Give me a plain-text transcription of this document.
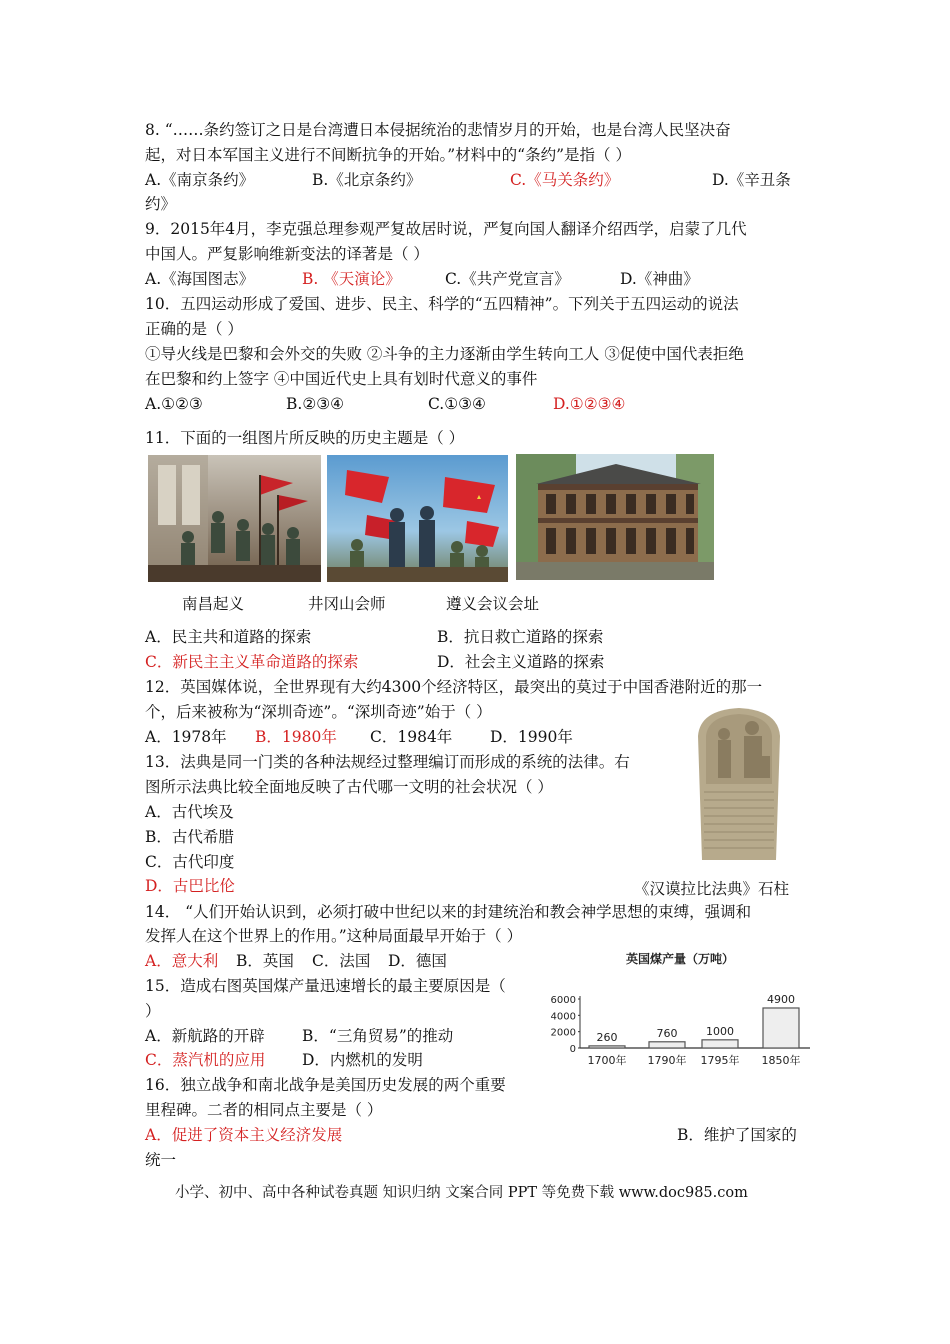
8. “……条约签订之日是台湾遭日本侵据统治的悲情岁月的开始，也是台湾人民坚决奋
起，对日本军国主义进行不间断抗争的开始。”材料中的“条约”是指（ ）
A.《南京条约》	B.《北京条约》	C.《马关条约》	D.《辛丑条
约》
9．2015年4月，李克强总理参观严复故居时说，严复向国人翻译介绍西学，启蒙了几代
中国人。严复影响维新变法的译著是（ ）
A.《海国图志》	B. 《天演论》	C.《共产党宣言》	D.《神曲》
10．五四运动形成了爱国、进步、民主、科学的“五四精神”。下列关于五四运动的说法
正确的是（ ）
①导火线是巴黎和会外交的失败 ②斗争的主力逐渐由学生转向工人 ③促使中国代表拒绝
在巴黎和约上签字 ④中国近代史上具有划时代意义的事件
A.①②③	B.②③④	C.①③④	D.①②③④
11．下面的一组图片所反映的历史主题是（ ）
南昌起义	井冈山会师	遵义会议会址
A．民主共和道路的探索	B．抗日救亡道路的探索
C．新民主主义革命道路的探索	D．社会主义道路的探索
12．英国媒体说，全世界现有大约4300个经济特区，最突出的莫过于中国香港附近的那一
个，后来被称为“深圳奇迹”。“深圳奇迹”始于（ ）
A．1978年 B．1980年 C．1984年 D．1990年
13．法典是同一门类的各种法规经过整理编订而形成的系统的法律。右
图所示法典比较全面地反映了古代哪一文明的社会状况（ ）
A．古代埃及
B．古代希腊
C．古代印度
D．古巴比伦	《汉谟拉比法典》石柱
14． “人们开始认识到，必须打破中世纪以来的封建统治和教会神学思想的束缚，强调和
发挥人在这个世界上的作用。”这种局面最早开始于（ ）
A．意大利 B．英国 C．法国 D．德国	英国煤产量（万吨）
6000
4000
2000
0
260	760	1000
4900
1700年 1790年 1795年 1850年
15．造成右图英国煤产量迅速增长的最主要原因是（
）
A．新航路的开辟 B．“三角贸易”的推动
C．蒸汽机的应用 D．内燃机的发明
16．独立战争和南北战争是美国历史发展的两个重要
里程碑。二者的相同点主要是（ ）
A．促进了资本主义经济发展	B．维护了国家的
统一
小学、初中、高中各种试卷真题 知识归纳 文案合同 PPT 等免费下载 www.doc985.com
